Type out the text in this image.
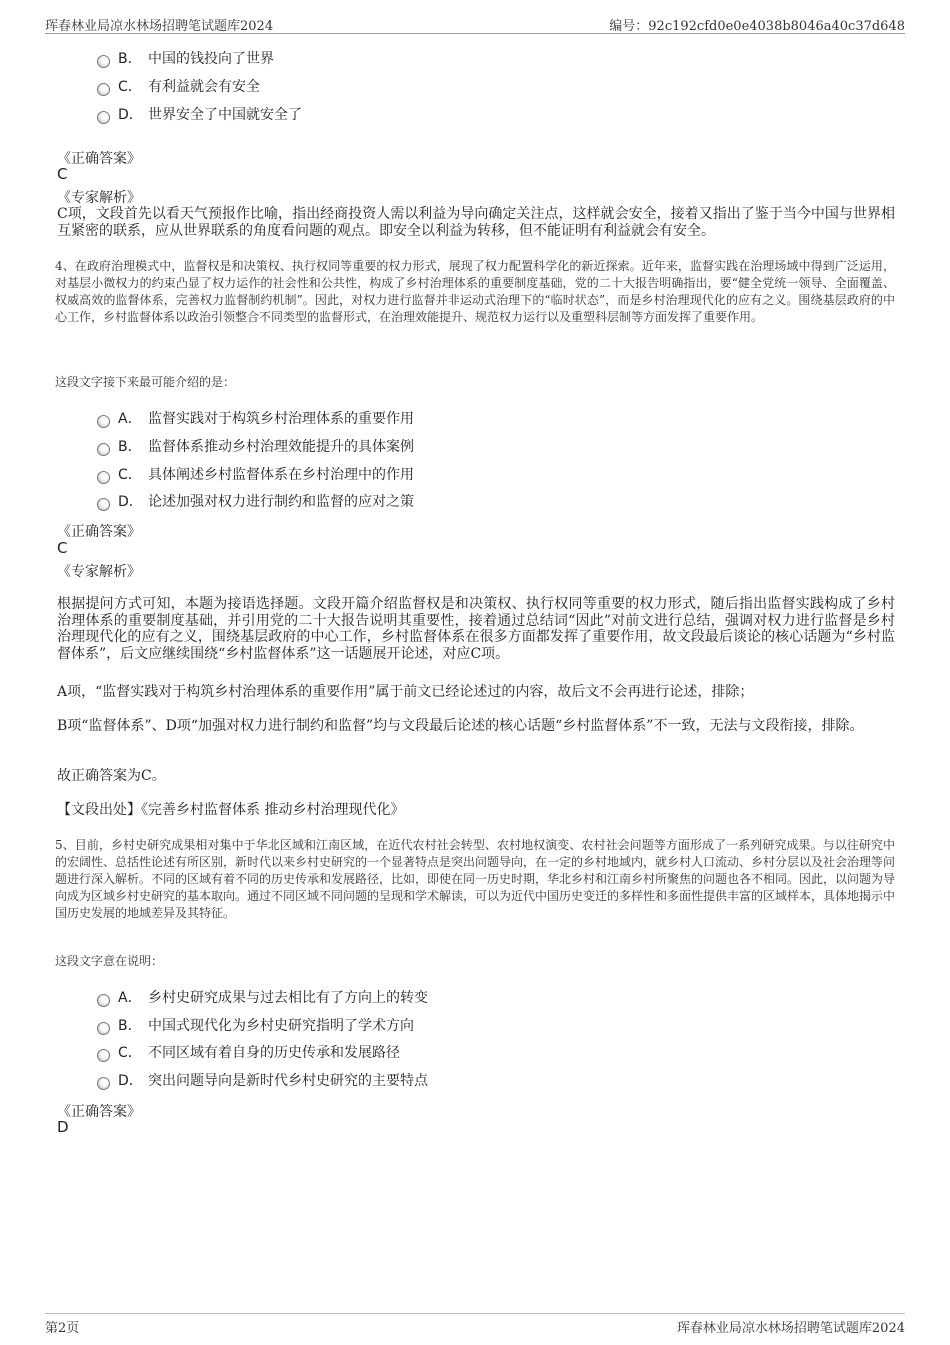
珲春林业局凉水林场招聘笔试题库2024	编号：92c192cfd0e0e4038b8046a40c37d648
B． 中国的钱投向了世界
C． 有利益就会有安全
D． 世界安全了中国就安全了
《正确答案》
C
《专家解析》
C项，文段首先以看天气预报作比喻，指出经商投资人需以利益为导向确定关注点，这样就会安全，接着又指出了鉴于当今中国与世界相互紧密的联系，应从世界联系的角度看问题的观点。即安全以利益为转移，但不能证明有利益就会有安全。
4、在政府治理模式中，监督权是和决策权、执行权同等重要的权力形式，展现了权力配置科学化的新近探索。近年来，监督实践在治理场域中得到广泛运用，对基层小微权力的约束凸显了权力运作的社会性和公共性，构成了乡村治理体系的重要制度基础，党的二十大报告明确指出，要“健全党统一领导、全面覆盖、权威高效的监督体系，完善权力监督制约机制”。因此，对权力进行监督并非运动式治理下的“临时状态”，而是乡村治理现代化的应有之义。围绕基层政府的中心工作，乡村监督体系以政治引领整合不同类型的监督形式，在治理效能提升、规范权力运行以及重塑科层制等方面发挥了重要作用。
这段文字接下来最可能介绍的是：
A． 监督实践对于构筑乡村治理体系的重要作用
B． 监督体系推动乡村治理效能提升的具体案例
C． 具体阐述乡村监督体系在乡村治理中的作用
D． 论述加强对权力进行制约和监督的应对之策
《正确答案》
C
《专家解析》
根据提问方式可知，本题为接语选择题。文段开篇介绍监督权是和决策权、执行权同等重要的权力形式，随后指出监督实践构成了乡村治理体系的重要制度基础，并引用党的二十大报告说明其重要性，接着通过总结词“因此”对前文进行总结，强调对权力进行监督是乡村治理现代化的应有之义，围绕基层政府的中心工作，乡村监督体系在很多方面都发挥了重要作用，故文段最后谈论的核心话题为“乡村监督体系”，后文应继续围绕“乡村监督体系”这一话题展开论述，对应C项。
A项，“监督实践对于构筑乡村治理体系的重要作用”属于前文已经论述过的内容，故后文不会再进行论述，排除；
B项“监督体系”、D项“加强对权力进行制约和监督”均与文段最后论述的核心话题“乡村监督体系”不一致，无法与文段衔接，排除。
故正确答案为C。
【文段出处】《完善乡村监督体系 推动乡村治理现代化》
5、目前，乡村史研究成果相对集中于华北区域和江南区域，在近代农村社会转型、农村地权演变、农村社会问题等方面形成了一系列研究成果。与以往研究中的宏阔性、总括性论述有所区别，新时代以来乡村史研究的一个显著特点是突出问题导向，在一定的乡村地域内，就乡村人口流动、乡村分层以及社会治理等问题进行深入解析。不同的区域有着不同的历史传承和发展路径，比如，即使在同一历史时期，华北乡村和江南乡村所聚焦的问题也各不相同。因此，以问题为导向成为区域乡村史研究的基本取向。通过不同区域不同问题的呈现和学术解读，可以为近代中国历史变迁的多样性和多面性提供丰富的区域样本，具体地揭示中国历史发展的地域差异及其特征。
这段文字意在说明：
A． 乡村史研究成果与过去相比有了方向上的转变
B． 中国式现代化为乡村史研究指明了学术方向
C． 不同区域有着自身的历史传承和发展路径
D． 突出问题导向是新时代乡村史研究的主要特点
《正确答案》
D
第2页	珲春林业局凉水林场招聘笔试题库2024
